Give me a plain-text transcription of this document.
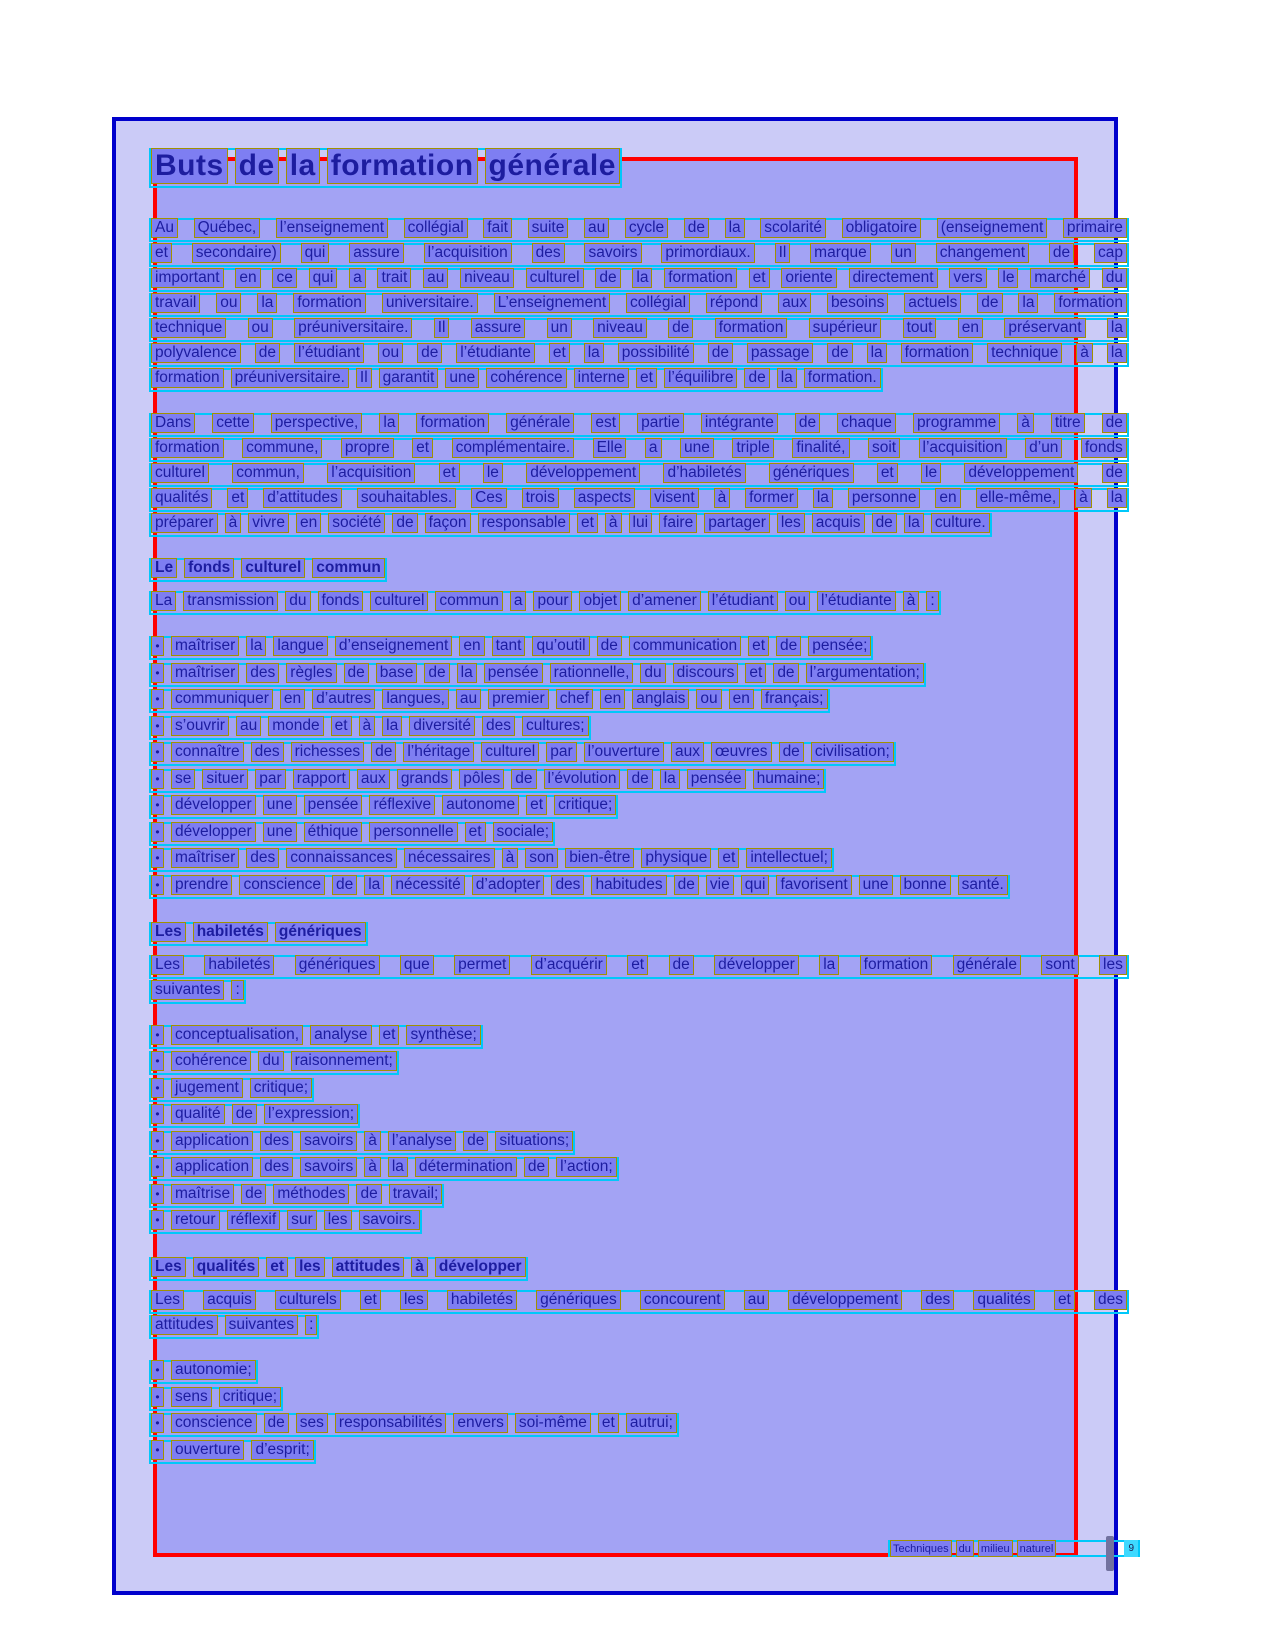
Buts de la formation générale
Au Québec, l’enseignement collégial fait suite au cycle de la scolarité obligatoire (enseignement primaire
et secondaire) qui assure l’acquisition des savoirs primordiaux. Il marque un changement de cap
important en ce qui a trait au niveau culturel de la formation et oriente directement vers le marché du
travail ou la formation universitaire. L’enseignement collégial répond aux besoins actuels de la formation
technique ou préuniversitaire. Il assure un niveau de formation supérieur tout en préservant la
polyvalence de l’étudiant ou de l’étudiante et la possibilité de passage de la formation technique à la
formation préuniversitaire. Il garantit une cohérence interne et l’équilibre de la formation.
Dans cette perspective, la formation générale est partie intégrante de chaque programme à titre de
formation commune, propre et complémentaire. Elle a une triple finalité, soit l’acquisition d’un fonds
culturel commun, l’acquisition et le développement d’habiletés génériques et le développement de
qualités et d’attitudes souhaitables. Ces trois aspects visent à former la personne en elle-même, à la
préparer à vivre en société de façon responsable et à lui faire partager les acquis de la culture.
Le fonds culturel commun
La transmission du fonds culturel commun a pour objet d’amener l’étudiant ou l’étudiante à :
• maîtriser la langue d’enseignement en tant qu’outil de communication et de pensée;
• maîtriser des règles de base de la pensée rationnelle, du discours et de l’argumentation;
• communiquer en d’autres langues, au premier chef en anglais ou en français;
• s’ouvrir au monde et à la diversité des cultures;
• connaître des richesses de l’héritage culturel par l’ouverture aux œuvres de civilisation;
• se situer par rapport aux grands pôles de l’évolution de la pensée humaine;
• développer une pensée réflexive autonome et critique;
• développer une éthique personnelle et sociale;
• maîtriser des connaissances nécessaires à son bien-être physique et intellectuel;
• prendre conscience de la nécessité d’adopter des habitudes de vie qui favorisent une bonne santé.
Les habiletés génériques
Les habiletés génériques que permet d’acquérir et de développer la formation générale sont les
suivantes :
• conceptualisation, analyse et synthèse;
• cohérence du raisonnement;
• jugement critique;
• qualité de l’expression;
• application des savoirs à l’analyse de situations;
• application des savoirs à la détermination de l’action;
• maîtrise de méthodes de travail;
• retour réflexif sur les savoirs.
Les qualités et les attitudes à développer
Les acquis culturels et les habiletés génériques concourent au développement des qualités et des
attitudes suivantes :
• autonomie;
• sens critique;
• conscience de ses responsabilités envers soi-même et autrui;
• ouverture d’esprit;
Techniques du milieu naturel	9
